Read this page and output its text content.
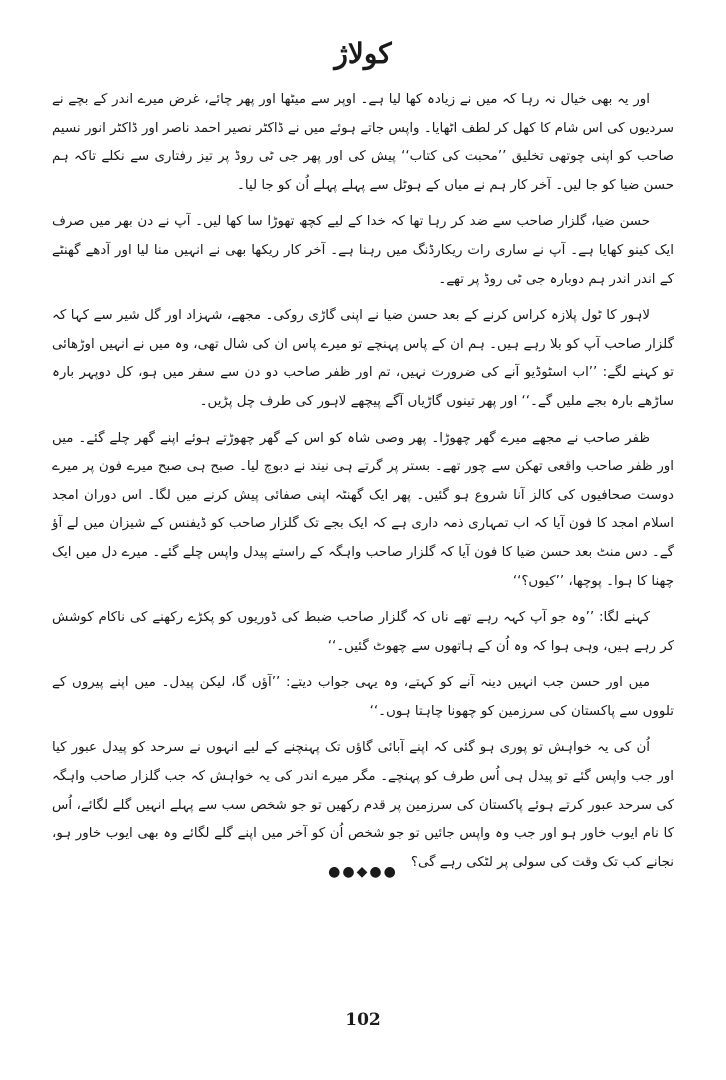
کولاژ

اور یہ بھی خیال نہ رہا کہ میں نے زیادہ کھا لیا ہے۔ اوپر سے میٹھا اور پھر چائے، غرض میرے اندر کے بچے نے سردیوں کی اس شام کا کھل کر لطف اٹھایا۔ واپس جاتے ہوئے میں نے ڈاکٹر نصیر احمد ناصر اور ڈاکٹر انور نسیم صاحب کو اپنی چوتھی تخلیق ’’محبت کی کتاب‘‘ پیش کی اور پھر جی ٹی روڈ پر تیز رفتاری سے نکلے تاکہ ہم حسن ضیا کو جا لیں۔ آخر کار ہم نے میاں کے ہوٹل سے پہلے پہلے اُن کو جا لیا۔

حسن ضیا، گلزار صاحب سے ضد کر رہا تھا کہ خدا کے لیے کچھ تھوڑا سا کھا لیں۔ آپ نے دن بھر میں صرف ایک کینو کھایا ہے۔ آپ نے ساری رات ریکارڈنگ میں رہنا ہے۔ آخر کار ریکھا بھی نے انہیں منا لیا اور آدھے گھنٹے کے اندر اندر ہم دوبارہ جی ٹی روڈ پر تھے۔

لاہور کا ٹول پلازہ کراس کرنے کے بعد حسن ضیا نے اپنی گاڑی روکی۔ مجھے، شہزاد اور گل شیر سے کہا کہ گلزار صاحب آپ کو بلا رہے ہیں۔ ہم ان کے پاس پہنچے تو میرے پاس ان کی شال تھی، وہ میں نے انہیں اوڑھائی تو کہنے لگے: ’’اب اسٹوڈیو آنے کی ضرورت نہیں، تم اور ظفر صاحب دو دن سے سفر میں ہو، کل دوپہر بارہ ساڑھے بارہ بجے ملیں گے۔‘‘ اور پھر تینوں گاڑیاں آگے پیچھے لاہور کی طرف چل پڑیں۔

ظفر صاحب نے مجھے میرے گھر چھوڑا۔ پھر وصی شاہ کو اس کے گھر چھوڑتے ہوئے اپنے گھر چلے گئے۔ میں اور ظفر صاحب واقعی تھکن سے چور تھے۔ بستر پر گرتے ہی نیند نے دبوچ لیا۔ صبح ہی صبح میرے فون پر میرے دوست صحافیوں کی کالز آنا شروع ہو گئیں۔ پھر ایک گھنٹہ اپنی صفائی پیش کرنے میں لگا۔ اس دوران امجد اسلام امجد کا فون آیا کہ اب تمہاری ذمہ داری ہے کہ ایک بجے تک گلزار صاحب کو ڈیفنس کے شیزان میں لے آؤ گے۔ دس منٹ بعد حسن ضیا کا فون آیا کہ گلزار صاحب واہگہ کے راستے پیدل واپس چلے گئے۔ میرے دل میں ایک چھنا کا ہوا۔ پوچھا، ’’کیوں؟‘‘

کہنے لگا: ’’وہ جو آپ کہہ رہے تھے ناں کہ گلزار صاحب ضبط کی ڈوریوں کو پکڑے رکھنے کی ناکام کوشش کر رہے ہیں، وہی ہوا کہ وہ اُن کے ہاتھوں سے چھوٹ گئیں۔‘‘

میں اور حسن جب انہیں دینہ آنے کو کہتے، وہ یہی جواب دیتے: ’’آؤں گا، لیکن پیدل۔ میں اپنے پیروں کے تلووں سے پاکستان کی سرزمین کو چھونا چاہتا ہوں۔‘‘

اُن کی یہ خواہش تو پوری ہو گئی کہ اپنے آبائی گاؤں تک پہنچنے کے لیے انہوں نے سرحد کو پیدل عبور کیا اور جب واپس گئے تو پیدل ہی اُس طرف کو پہنچے۔ مگر میرے اندر کی یہ خواہش کہ جب گلزار صاحب واہگہ کی سرحد عبور کرتے ہوئے پاکستان کی سرزمین پر قدم رکھیں تو جو شخص سب سے پہلے انہیں گلے لگائے، اُس کا نام ایوب خاور ہو اور جب وہ واپس جائیں تو جو شخص اُن کو آخر میں اپنے گلے لگائے وہ بھی ایوب خاور ہو، نجانے کب تک وقت کی سولی پر لٹکی رہے گی؟

●●◆●●
102
